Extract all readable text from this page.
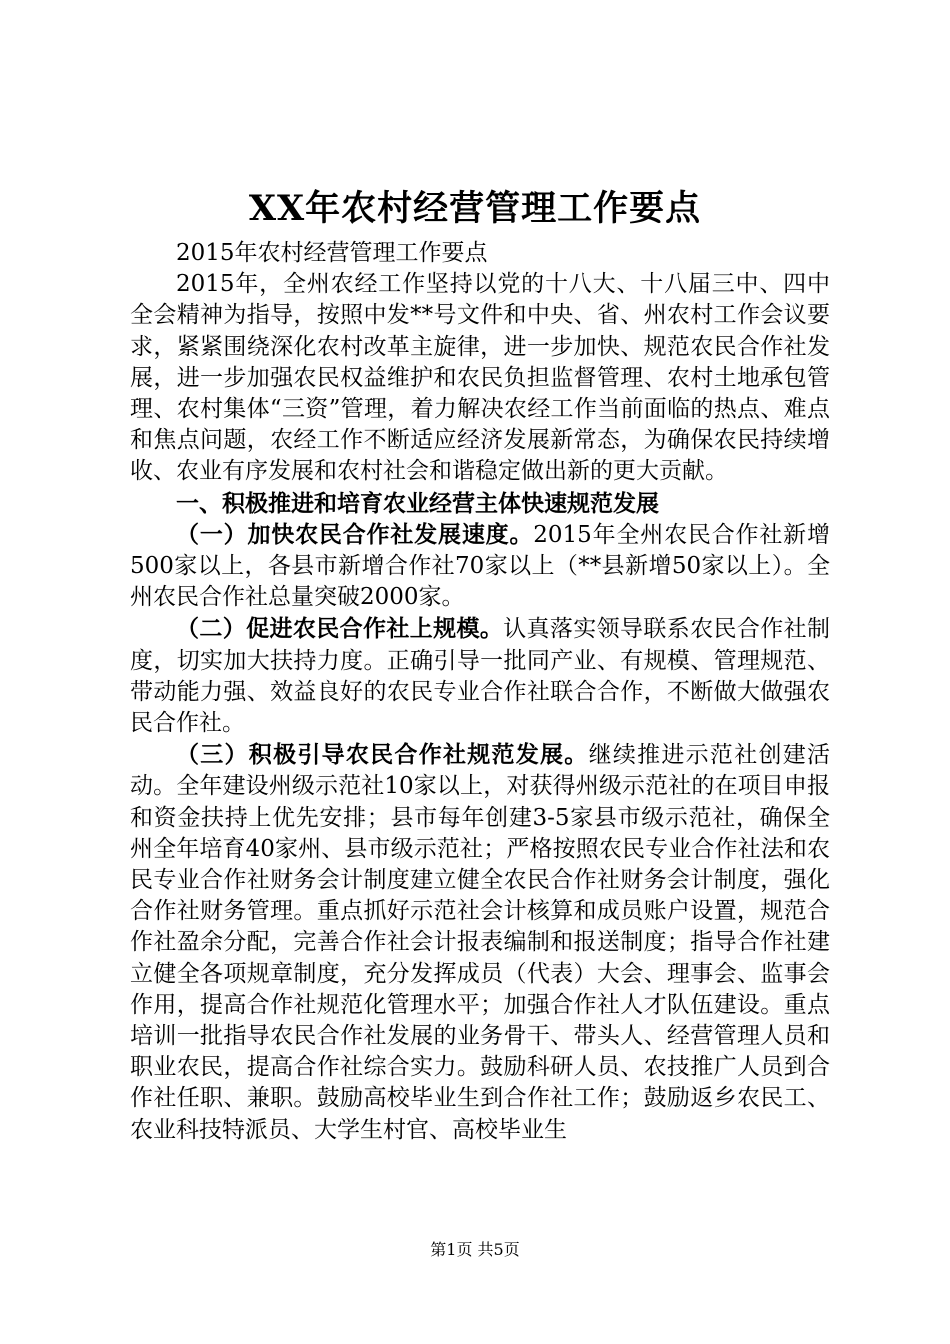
XX年农村经营管理工作要点

2015年农村经营管理工作要点

2015年，全州农经工作坚持以党的十八大、十八届三中、四中全会精神为指导，按照中发**号文件和中央、省、州农村工作会议要求，紧紧围绕深化农村改革主旋律，进一步加快、规范农民合作社发展，进一步加强农民权益维护和农民负担监督管理、农村土地承包管理、农村集体“三资”管理，着力解决农经工作当前面临的热点、难点和焦点问题，农经工作不断适应经济发展新常态，为确保农民持续增收、农业有序发展和农村社会和谐稳定做出新的更大贡献。

一、积极推进和培育农业经营主体快速规范发展

（一）加快农民合作社发展速度。2015年全州农民合作社新增500家以上，各县市新增合作社70家以上（**县新增50家以上）。全州农民合作社总量突破2000家。

（二）促进农民合作社上规模。认真落实领导联系农民合作社制度，切实加大扶持力度。正确引导一批同产业、有规模、管理规范、带动能力强、效益良好的农民专业合作社联合合作，不断做大做强农民合作社。

（三）积极引导农民合作社规范发展。继续推进示范社创建活动。全年建设州级示范社10家以上，对获得州级示范社的在项目申报和资金扶持上优先安排；县市每年创建3-5家县市级示范社，确保全州全年培育40家州、县市级示范社；严格按照农民专业合作社法和农民专业合作社财务会计制度建立健全农民合作社财务会计制度，强化合作社财务管理。重点抓好示范社会计核算和成员账户设置，规范合作社盈余分配，完善合作社会计报表编制和报送制度；指导合作社建立健全各项规章制度，充分发挥成员（代表）大会、理事会、监事会作用，提高合作社规范化管理水平；加强合作社人才队伍建设。重点培训一批指导农民合作社发展的业务骨干、带头人、经营管理人员和职业农民，提高合作社综合实力。鼓励科研人员、农技推广人员到合作社任职、兼职。鼓励高校毕业生到合作社工作；鼓励返乡农民工、农业科技特派员、大学生村官、高校毕业生

第1页 共5页
